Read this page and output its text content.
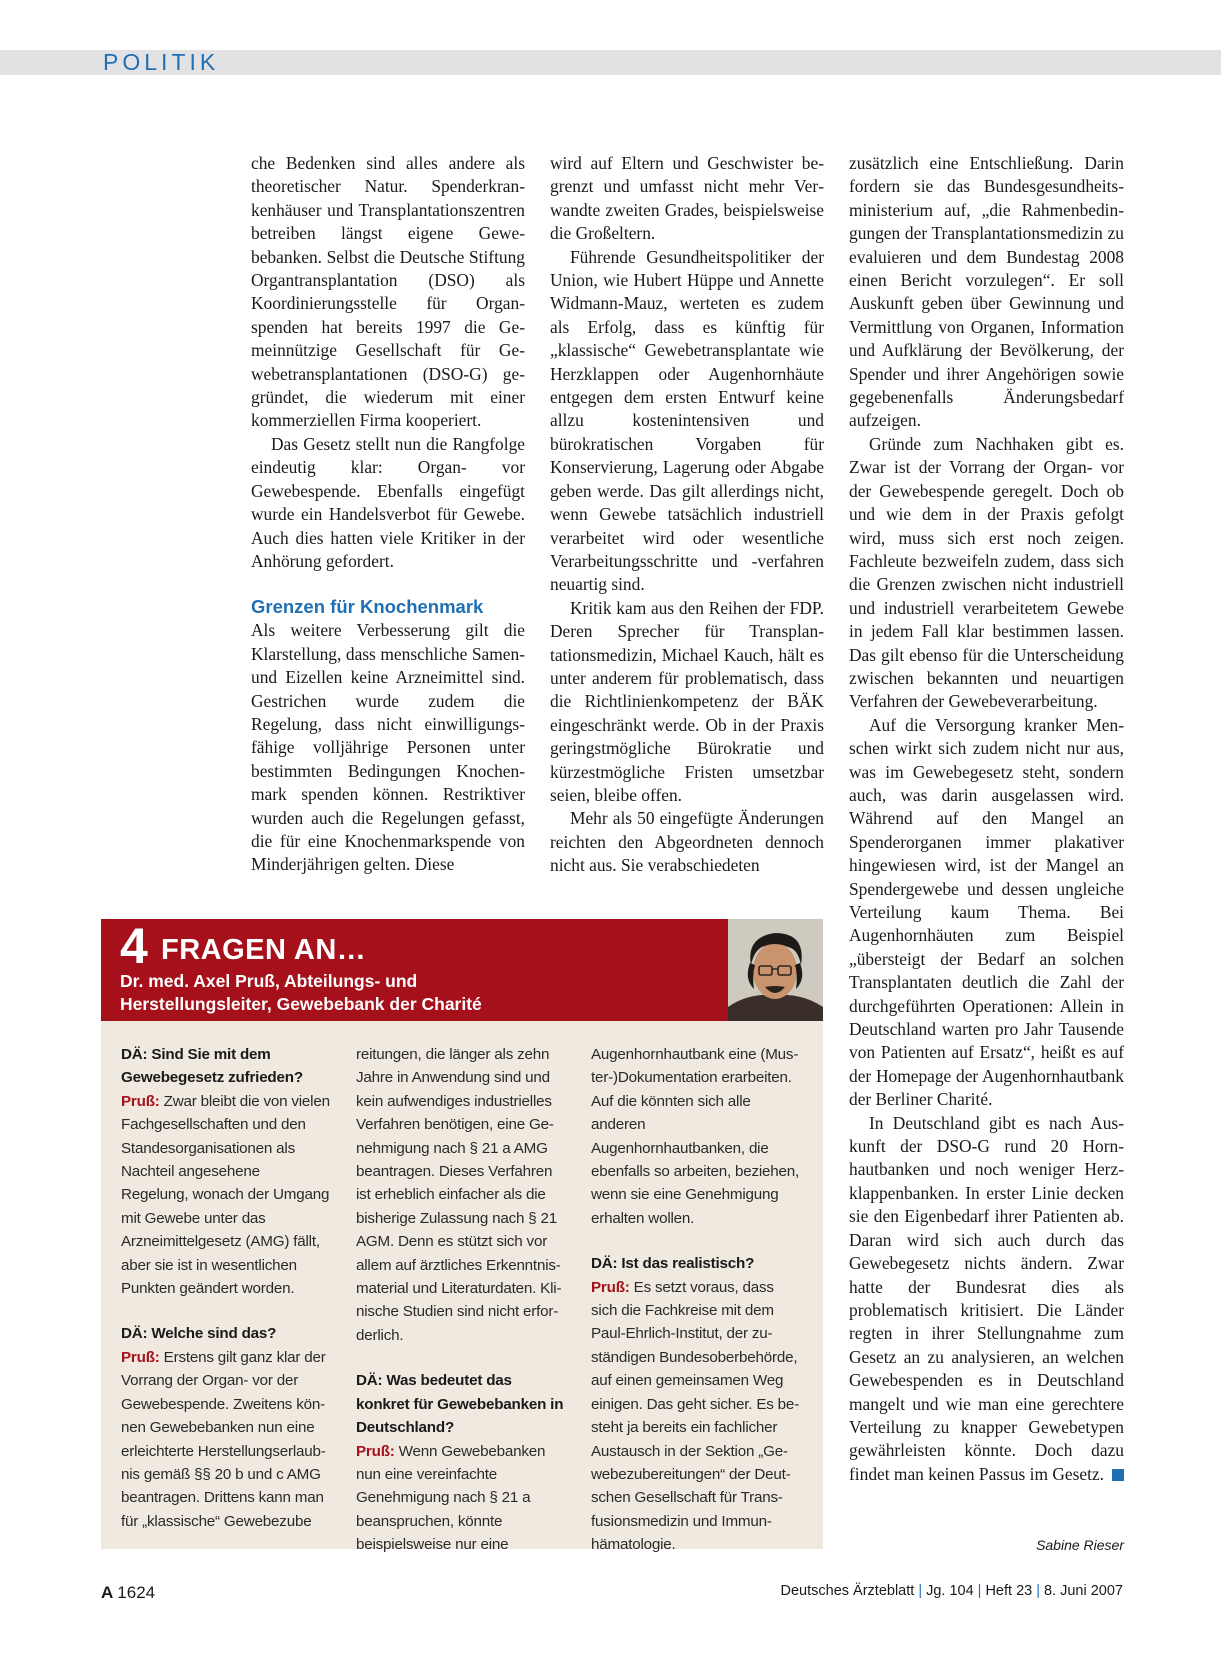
POLITIK

che Bedenken sind alles andere als theoretischer Natur. Spenderkrankenhäuser und Transplantationszentren betreiben längst eigene Gewebebanken. Selbst die Deutsche Stiftung Organtransplantation (DSO) als Koordinierungsstelle für Organspenden hat bereits 1997 die Gemeinnützige Gesellschaft für Gewebetransplantationen (DSO-G) gegründet, die wiederum mit einer kommerziellen Firma kooperiert.

Das Gesetz stellt nun die Rangfolge eindeutig klar: Organ- vor Gewebespende. Ebenfalls eingefügt wurde ein Handelsverbot für Gewebe. Auch dies hatten viele Kritiker in der Anhörung gefordert.

Grenzen für Knochenmark

Als weitere Verbesserung gilt die Klarstellung, dass menschliche Samen- und Eizellen keine Arzneimittel sind. Gestrichen wurde zudem die Regelung, dass nicht einwilligungsfähige volljährige Personen unter bestimmten Bedingungen Knochenmark spenden können. Restriktiver wurden auch die Regelungen gefasst, die für eine Knochenmarkspende von Minderjährigen gelten. Diese

wird auf Eltern und Geschwister begrenzt und umfasst nicht mehr Verwandte zweiten Grades, beispielsweise die Großeltern.

Führende Gesundheitspolitiker der Union, wie Hubert Hüppe und Annette Widmann-Mauz, werteten es zudem als Erfolg, dass es künftig für „klassische“ Gewebetransplantate wie Herzklappen oder Augenhornhäute entgegen dem ersten Entwurf keine allzu kostenintensiven und bürokratischen Vorgaben für Konservierung, Lagerung oder Abgabe geben werde. Das gilt allerdings nicht, wenn Gewebe tatsächlich industriell verarbeitet wird oder wesentliche Verarbeitungsschritte und -verfahren neuartig sind.

Kritik kam aus den Reihen der FDP. Deren Sprecher für Transplantationsmedizin, Michael Kauch, hält es unter anderem für problematisch, dass die Richtlinienkompetenz der BÄK eingeschränkt werde. Ob in der Praxis geringstmögliche Bürokratie und kürzestmögliche Fristen umsetzbar seien, bleibe offen.

Mehr als 50 eingefügte Änderungen reichten den Abgeordneten dennoch nicht aus. Sie verabschiedeten

zusätzlich eine Entschließung. Darin fordern sie das Bundesgesundheitsministerium auf, „die Rahmenbedingungen der Transplantationsmedizin zu evaluieren und dem Bundestag 2008 einen Bericht vorzulegen“. Er soll Auskunft geben über Gewinnung und Vermittlung von Organen, Information und Aufklärung der Bevölkerung, der Spender und ihrer Angehörigen sowie gegebenenfalls Änderungsbedarf aufzeigen.

Gründe zum Nachhaken gibt es. Zwar ist der Vorrang der Organ- vor der Gewebespende geregelt. Doch ob und wie dem in der Praxis gefolgt wird, muss sich erst noch zeigen. Fachleute bezweifeln zudem, dass sich die Grenzen zwischen nicht industriell und industriell verarbeitetem Gewebe in jedem Fall klar bestimmen lassen. Das gilt ebenso für die Unterscheidung zwischen bekannten und neuartigen Verfahren der Gewebeverarbeitung.

Auf die Versorgung kranker Menschen wirkt sich zudem nicht nur aus, was im Gewebegesetz steht, sondern auch, was darin ausgelassen wird. Während auf den Mangel an Spenderorganen immer plakativer hingewiesen wird, ist der Mangel an Spendergewebe und dessen ungleiche Verteilung kaum Thema. Bei Augenhornhäuten zum Beispiel „übersteigt der Bedarf an solchen Transplantaten deutlich die Zahl der durchgeführten Operationen: Allein in Deutschland warten pro Jahr Tausende von Patienten auf Ersatz“, heißt es auf der Homepage der Augenhornhautbank der Berliner Charité.

In Deutschland gibt es nach Auskunft der DSO-G rund 20 Hornhautbanken und noch weniger Herzklappenbanken. In erster Linie decken sie den Eigenbedarf ihrer Patienten ab. Daran wird sich auch durch das Gewebegesetz nichts ändern. Zwar hatte der Bundesrat dies als problematisch kritisiert. Die Länder regten in ihrer Stellungnahme zum Gesetz an zu analysieren, an welchen Gewebespenden es in Deutschland mangelt und wie man eine gerechtere Verteilung zu knapper Gewebetypen gewährleisten könnte. Doch dazu findet man keinen Passus im Gesetz.

Sabine Rieser
4 FRAGEN AN…
Dr. med. Axel Pruß, Abteilungs- und
Herstellungsleiter, Gewebebank der Charité

DÄ: Sind Sie mit dem Gewebegesetz zufrieden?
Pruß: Zwar bleibt die von vielen Fachgesellschaften und den Standesorganisationen als Nachteil angesehene Regelung, wonach der Umgang mit Gewebe unter das Arzneimittelgesetz (AMG) fällt, aber sie ist in wesentlichen Punkten geändert worden.

DÄ: Welche sind das?
Pruß: Erstens gilt ganz klar der Vorrang der Organ- vor der Gewebespende. Zweitens können Gewebebanken nun eine erleichterte Herstellungserlaubnis gemäß §§ 20 b und c AMG beantragen. Drittens kann man für „klassische“ Gewebezube

reitungen, die länger als zehn Jahre in Anwendung sind und kein aufwendiges industrielles Verfahren benötigen, eine Genehmigung nach § 21 a AMG beantragen. Dieses Verfahren ist erheblich einfacher als die bisherige Zulassung nach § 21 AGM. Denn es stützt sich vor allem auf ärztliches Erkenntnismaterial und Literaturdaten. Klinische Studien sind nicht erforderlich.

DÄ: Was bedeutet das konkret für Gewebebanken in Deutschland?
Pruß: Wenn Gewebebanken nun eine vereinfachte Genehmigung nach § 21 a beanspruchen, könnte beispielsweise nur eine

Augenhornhautbank eine (Muster-)Dokumentation erarbeiten. Auf die könnten sich alle anderen Augenhornhautbanken, die ebenfalls so arbeiten, beziehen, wenn sie eine Genehmigung erhalten wollen.

DÄ: Ist das realistisch?
Pruß: Es setzt voraus, dass sich die Fachkreise mit dem Paul-Ehrlich-Institut, der zuständigen Bundesoberbehörde, auf einen gemeinsamen Weg einigen. Das geht sicher. Es besteht ja bereits ein fachlicher Austausch in der Sektion „Gewebezubereitungen“ der Deutschen Gesellschaft für Transfusionsmedizin und Immunhämatologie.

A 1624	Deutsches Ärzteblatt | Jg. 104 | Heft 23 | 8. Juni 2007
